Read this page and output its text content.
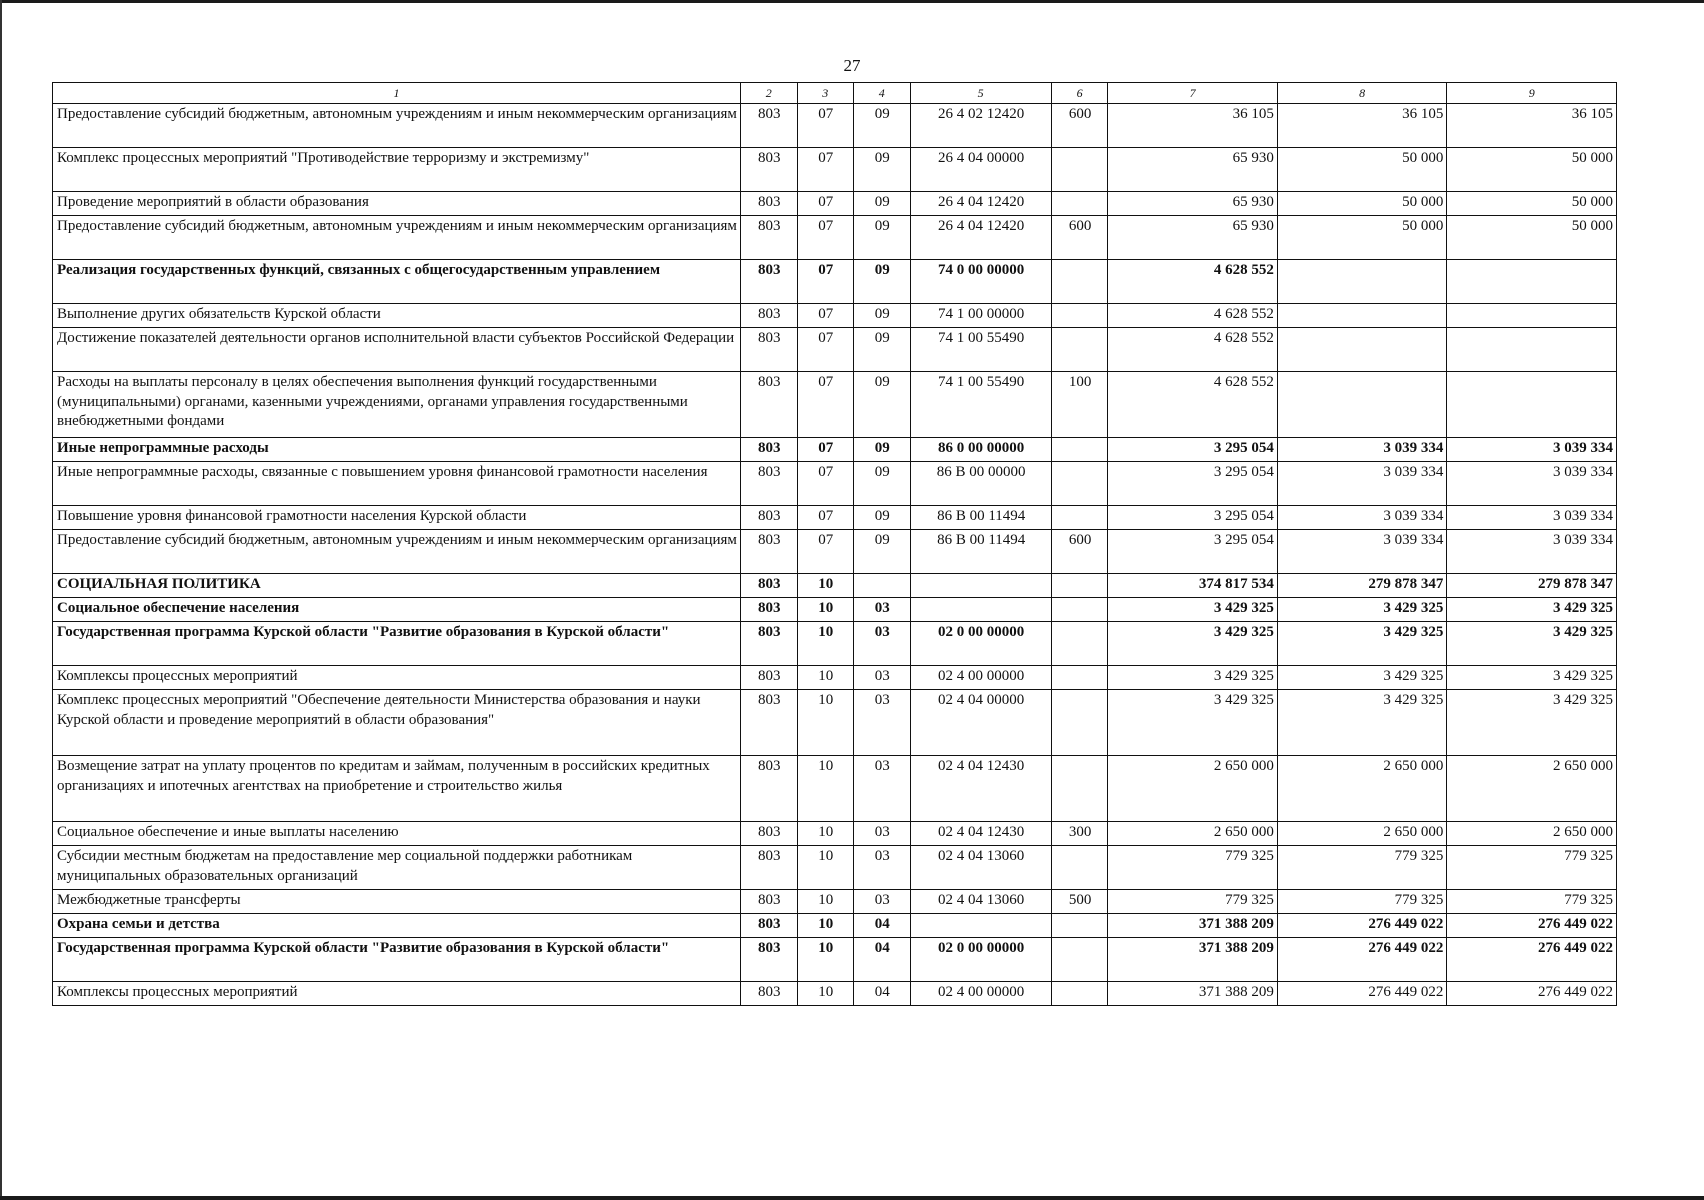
27
1	2	3	4	5	6	7	8	9
Предоставление субсидий бюджетным, автономным учреждениям и иным некоммерческим организациям	803	07	09	26 4 02 12420	600	36 105	36 105	36 105
Комплекс процессных мероприятий "Противодействие терроризму и экстремизму"	803	07	09	26 4 04 00000		65 930	50 000	50 000
Проведение мероприятий в области образования	803	07	09	26 4 04 12420		65 930	50 000	50 000
Предоставление субсидий бюджетным, автономным учреждениям и иным некоммерческим организациям	803	07	09	26 4 04 12420	600	65 930	50 000	50 000
Реализация государственных функций, связанных с общегосударственным управлением	803	07	09	74 0 00 00000		4 628 552		
Выполнение других обязательств Курской области	803	07	09	74 1 00 00000		4 628 552		
Достижение показателей деятельности органов исполнительной власти субъектов Российской Федерации	803	07	09	74 1 00 55490		4 628 552		
Расходы на выплаты персоналу в целях обеспечения выполнения функций государственными (муниципальными) органами, казенными учреждениями, органами управления государственными внебюджетными фондами	803	07	09	74 1 00 55490	100	4 628 552		
Иные непрограммные расходы	803	07	09	86 0 00 00000		3 295 054	3 039 334	3 039 334
Иные непрограммные расходы, связанные с повышением уровня финансовой грамотности населения	803	07	09	86 В 00 00000		3 295 054	3 039 334	3 039 334
Повышение уровня финансовой грамотности населения Курской области	803	07	09	86 В 00 11494		3 295 054	3 039 334	3 039 334
Предоставление субсидий бюджетным, автономным учреждениям и иным некоммерческим организациям	803	07	09	86 В 00 11494	600	3 295 054	3 039 334	3 039 334
СОЦИАЛЬНАЯ ПОЛИТИКА	803	10				374 817 534	279 878 347	279 878 347
Социальное обеспечение населения	803	10	03			3 429 325	3 429 325	3 429 325
Государственная программа Курской области "Развитие образования в Курской области"	803	10	03	02 0 00 00000		3 429 325	3 429 325	3 429 325
Комплексы процессных мероприятий	803	10	03	02 4 00 00000		3 429 325	3 429 325	3 429 325
Комплекс процессных мероприятий "Обеспечение деятельности Министерства образования и науки Курской области и проведение мероприятий в области образования"	803	10	03	02 4 04 00000		3 429 325	3 429 325	3 429 325
Возмещение затрат на уплату процентов по кредитам и займам, полученным в российских кредитных организациях и ипотечных агентствах на приобретение и строительство жилья	803	10	03	02 4 04 12430		2 650 000	2 650 000	2 650 000
Социальное обеспечение и иные выплаты населению	803	10	03	02 4 04 12430	300	2 650 000	2 650 000	2 650 000
Субсидии местным бюджетам на предоставление мер социальной поддержки работникам муниципальных образовательных организаций	803	10	03	02 4 04 13060		779 325	779 325	779 325
Межбюджетные трансферты	803	10	03	02 4 04 13060	500	779 325	779 325	779 325
Охрана семьи и детства	803	10	04			371 388 209	276 449 022	276 449 022
Государственная программа Курской области "Развитие образования в Курской области"	803	10	04	02 0 00 00000		371 388 209	276 449 022	276 449 022
Комплексы процессных мероприятий	803	10	04	02 4 00 00000		371 388 209	276 449 022	276 449 022
